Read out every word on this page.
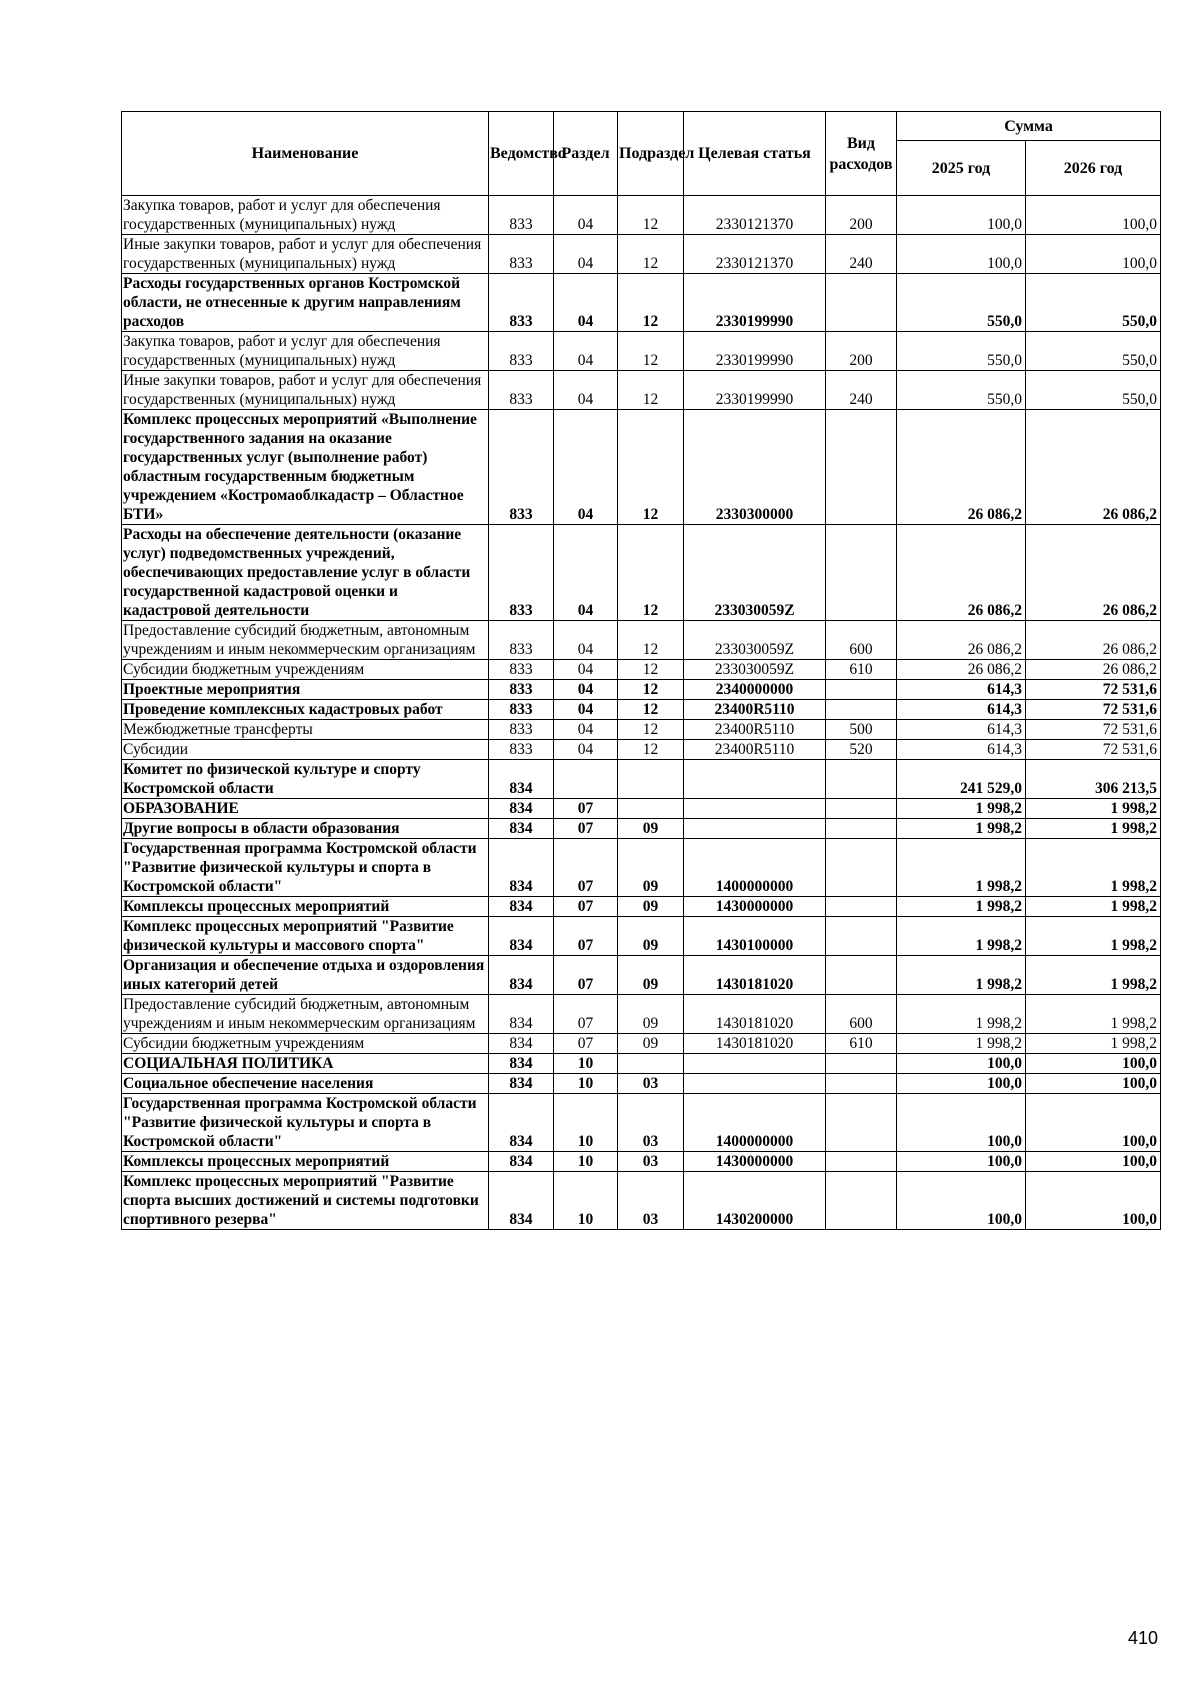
Наименование	Ведомство	Раздел	Подраздел	Целевая статья	Вид расходов	Сумма	
						2025 год	2026 год
Закупка товаров, работ и услуг для обеспечения государственных (муниципальных) нужд	833	04	12	2330121370	200	100,0	100,0
Иные закупки товаров, работ и услуг для обеспечения государственных (муниципальных) нужд	833	04	12	2330121370	240	100,0	100,0
Расходы государственных органов Костромской области, не отнесенные к другим направлениям расходов	833	04	12	2330199990		550,0	550,0
Закупка товаров, работ и услуг для обеспечения государственных (муниципальных) нужд	833	04	12	2330199990	200	550,0	550,0
Иные закупки товаров, работ и услуг для обеспечения государственных (муниципальных) нужд	833	04	12	2330199990	240	550,0	550,0
Комплекс процессных мероприятий «Выполнение государственного задания на оказание государственных услуг (выполнение работ) областным государственным бюджетным учреждением «Костромаоблкадастр – Областное БТИ»	833	04	12	2330300000		26 086,2	26 086,2
Расходы на обеспечение деятельности (оказание услуг) подведомственных учреждений, обеспечивающих предоставление услуг в области государственной кадастровой оценки и кадастровой деятельности	833	04	12	233030059Z		26 086,2	26 086,2
Предоставление субсидий бюджетным, автономным учреждениям и иным некоммерческим организациям	833	04	12	233030059Z	600	26 086,2	26 086,2
Субсидии бюджетным учреждениям	833	04	12	233030059Z	610	26 086,2	26 086,2
Проектные мероприятия	833	04	12	2340000000		614,3	72 531,6
Проведение комплексных кадастровых работ	833	04	12	23400R5110		614,3	72 531,6
Межбюджетные трансферты	833	04	12	23400R5110	500	614,3	72 531,6
Субсидии	833	04	12	23400R5110	520	614,3	72 531,6
Комитет по физической культуре и спорту Костромской области	834					241 529,0	306 213,5
ОБРАЗОВАНИЕ	834	07				1 998,2	1 998,2
Другие вопросы в области образования	834	07	09			1 998,2	1 998,2
Государственная программа Костромской области "Развитие физической культуры и спорта в Костромской области"	834	07	09	1400000000		1 998,2	1 998,2
Комплексы процессных мероприятий	834	07	09	1430000000		1 998,2	1 998,2
Комплекс процессных мероприятий "Развитие физической культуры и массового спорта"	834	07	09	1430100000		1 998,2	1 998,2
Организация и обеспечение отдыха и оздоровления иных категорий детей	834	07	09	1430181020		1 998,2	1 998,2
Предоставление субсидий бюджетным, автономным учреждениям и иным некоммерческим организациям	834	07	09	1430181020	600	1 998,2	1 998,2
Субсидии бюджетным учреждениям	834	07	09	1430181020	610	1 998,2	1 998,2
СОЦИАЛЬНАЯ ПОЛИТИКА	834	10				100,0	100,0
Социальное обеспечение населения	834	10	03			100,0	100,0
Государственная программа Костромской области "Развитие физической культуры и спорта в Костромской области"	834	10	03	1400000000		100,0	100,0
Комплексы процессных мероприятий	834	10	03	1430000000		100,0	100,0
Комплекс процессных мероприятий "Развитие спорта высших достижений и системы подготовки спортивного резерва"	834	10	03	1430200000		100,0	100,0
410
